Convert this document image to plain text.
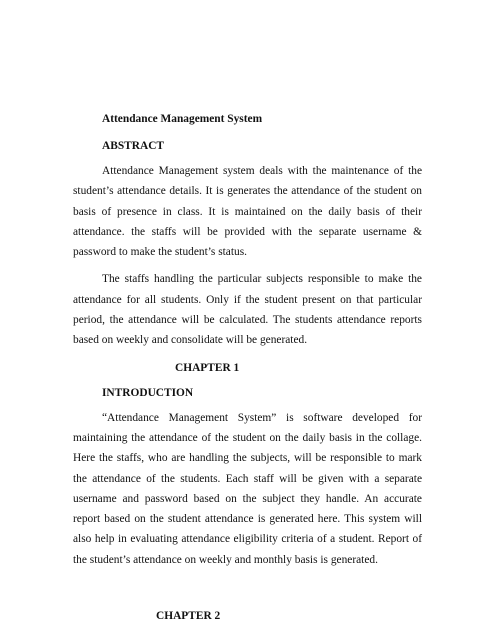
Attendance Management System
ABSTRACT

Attendance Management system deals with the maintenance of the student’s attendance details. It is generates the attendance of the student on basis of presence in class. It is maintained on the daily basis of their attendance. the staffs will be provided with the separate username & password to make the student’s status.

The staffs handling the particular subjects responsible to make the attendance for all students. Only if the student present on that particular period, the attendance will be calculated. The students attendance reports based on weekly and consolidate will be generated.

CHAPTER 1
INTRODUCTION

“Attendance Management System” is software developed for maintaining the attendance of the student on the daily basis in the collage. Here the staffs, who are handling the subjects, will be responsible to mark the attendance of the students. Each staff will be given with a separate username and password based on the subject they handle. An accurate report based on the student attendance is generated here. This system will also help in evaluating attendance eligibility criteria of a student. Report of the student’s attendance on weekly and monthly basis is generated.

CHAPTER 2
